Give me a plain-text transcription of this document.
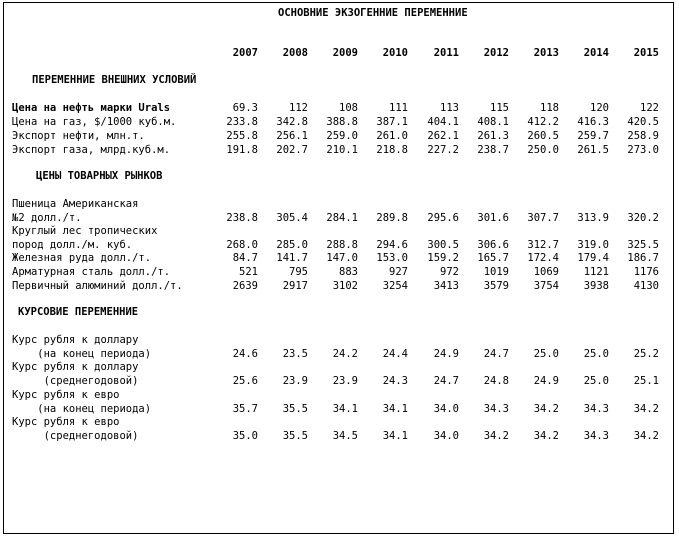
ОСНОВНИЕ ЭКЗОГЕННИЕ ПЕРЕМЕННИЕ
2007	2008	2009	2010	2011	2012	2013	2014	2015
ПЕРЕМЕННИЕ ВНЕШНИХ УСЛОВИЙ
Цена на нефть марки Urals	69.3	112	108	111	113	115	118	120	122
Цена на газ, $/1000 куб.м.	233.8	342.8	388.8	387.1	404.1	408.1	412.2	416.3	420.5
Экспорт нефти, млн.т.	255.8	256.1	259.0	261.0	262.1	261.3	260.5	259.7	258.9
Экспорт газа, млрд.куб.м.	191.8	202.7	210.1	218.8	227.2	238.7	250.0	261.5	273.0
ЦЕНЫ ТОВАРНЫХ РЫНКОВ
Пшеница Американская
№2 долл./т.	238.8	305.4	284.1	289.8	295.6	301.6	307.7	313.9	320.2
Круглый лес тропических
пород долл./м. куб.	268.0	285.0	288.8	294.6	300.5	306.6	312.7	319.0	325.5
Железная руда долл./т.	84.7	141.7	147.0	153.0	159.2	165.7	172.4	179.4	186.7
Арматурная сталь долл./т.	521	795	883	927	972	1019	1069	1121	1176
Первичный алюминий долл./т.	2639	2917	3102	3254	3413	3579	3754	3938	4130
КУРСОВИЕ ПЕРЕМЕННИЕ
Курс рубля к доллару
(на конец периода)	24.6	23.5	24.2	24.4	24.9	24.7	25.0	25.0	25.2
Курс рубля к доллару
(среднегодовой)	25.6	23.9	23.9	24.3	24.7	24.8	24.9	25.0	25.1
Курс рубля к евро
(на конец периода)	35.7	35.5	34.1	34.1	34.0	34.3	34.2	34.3	34.2
Курс рубля к евро
(среднегодовой)	35.0	35.5	34.5	34.1	34.0	34.2	34.2	34.3	34.2
